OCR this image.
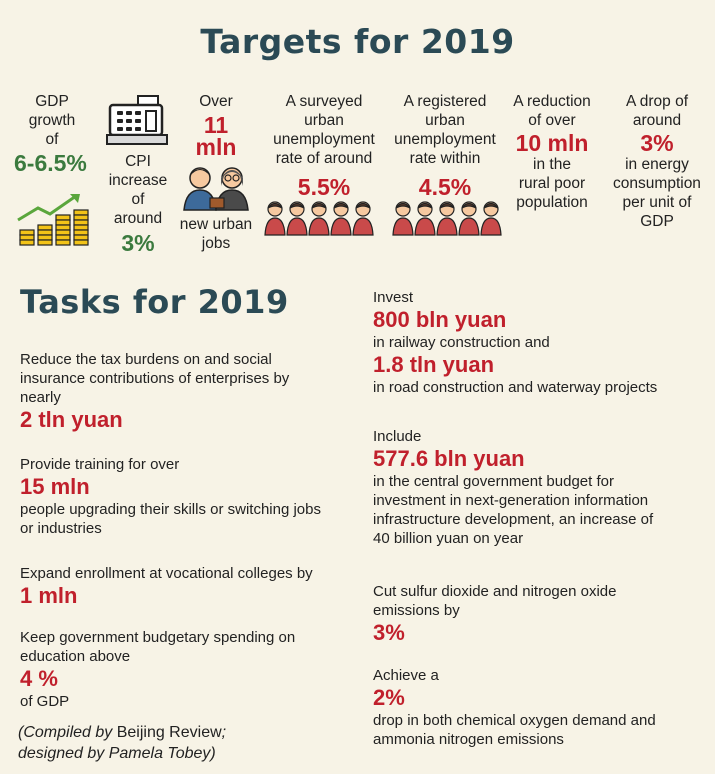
Targets for 2019
GDP
growth
of
6-6.5%	CPI
increase
of
around
3%
Over
11
mln
new urban
jobs
A surveyed
urban
unemployment
rate of around
5.5%
A registered
urban
unemployment
rate within
4.5%
A reduction
of over
10 mln
in the
rural poor
population
A drop of
around
3%
in energy
consumption
per unit of
GDP
Tasks for 2019
Reduce the tax burdens on and social
insurance contributions of enterprises by
nearly
2 tln yuan
Provide training for over
15 mln
people upgrading their skills or switching jobs
or industries
Expand enrollment at vocational colleges by
1 mln
Keep government budgetary spending on
education above
4 %
of GDP
(Compiled by Beijing Review;
designed by Pamela Tobey)
Invest
800 bln yuan
in railway construction and
1.8 tln yuan
in road construction and waterway projects
Include
577.6 bln yuan
in the central government budget for
investment in next-generation information
infrastructure development, an increase of
40 billion yuan on year
Cut sulfur dioxide and nitrogen oxide
emissions by
3%
Achieve a
2%
drop in both chemical oxygen demand and
ammonia nitrogen emissions
